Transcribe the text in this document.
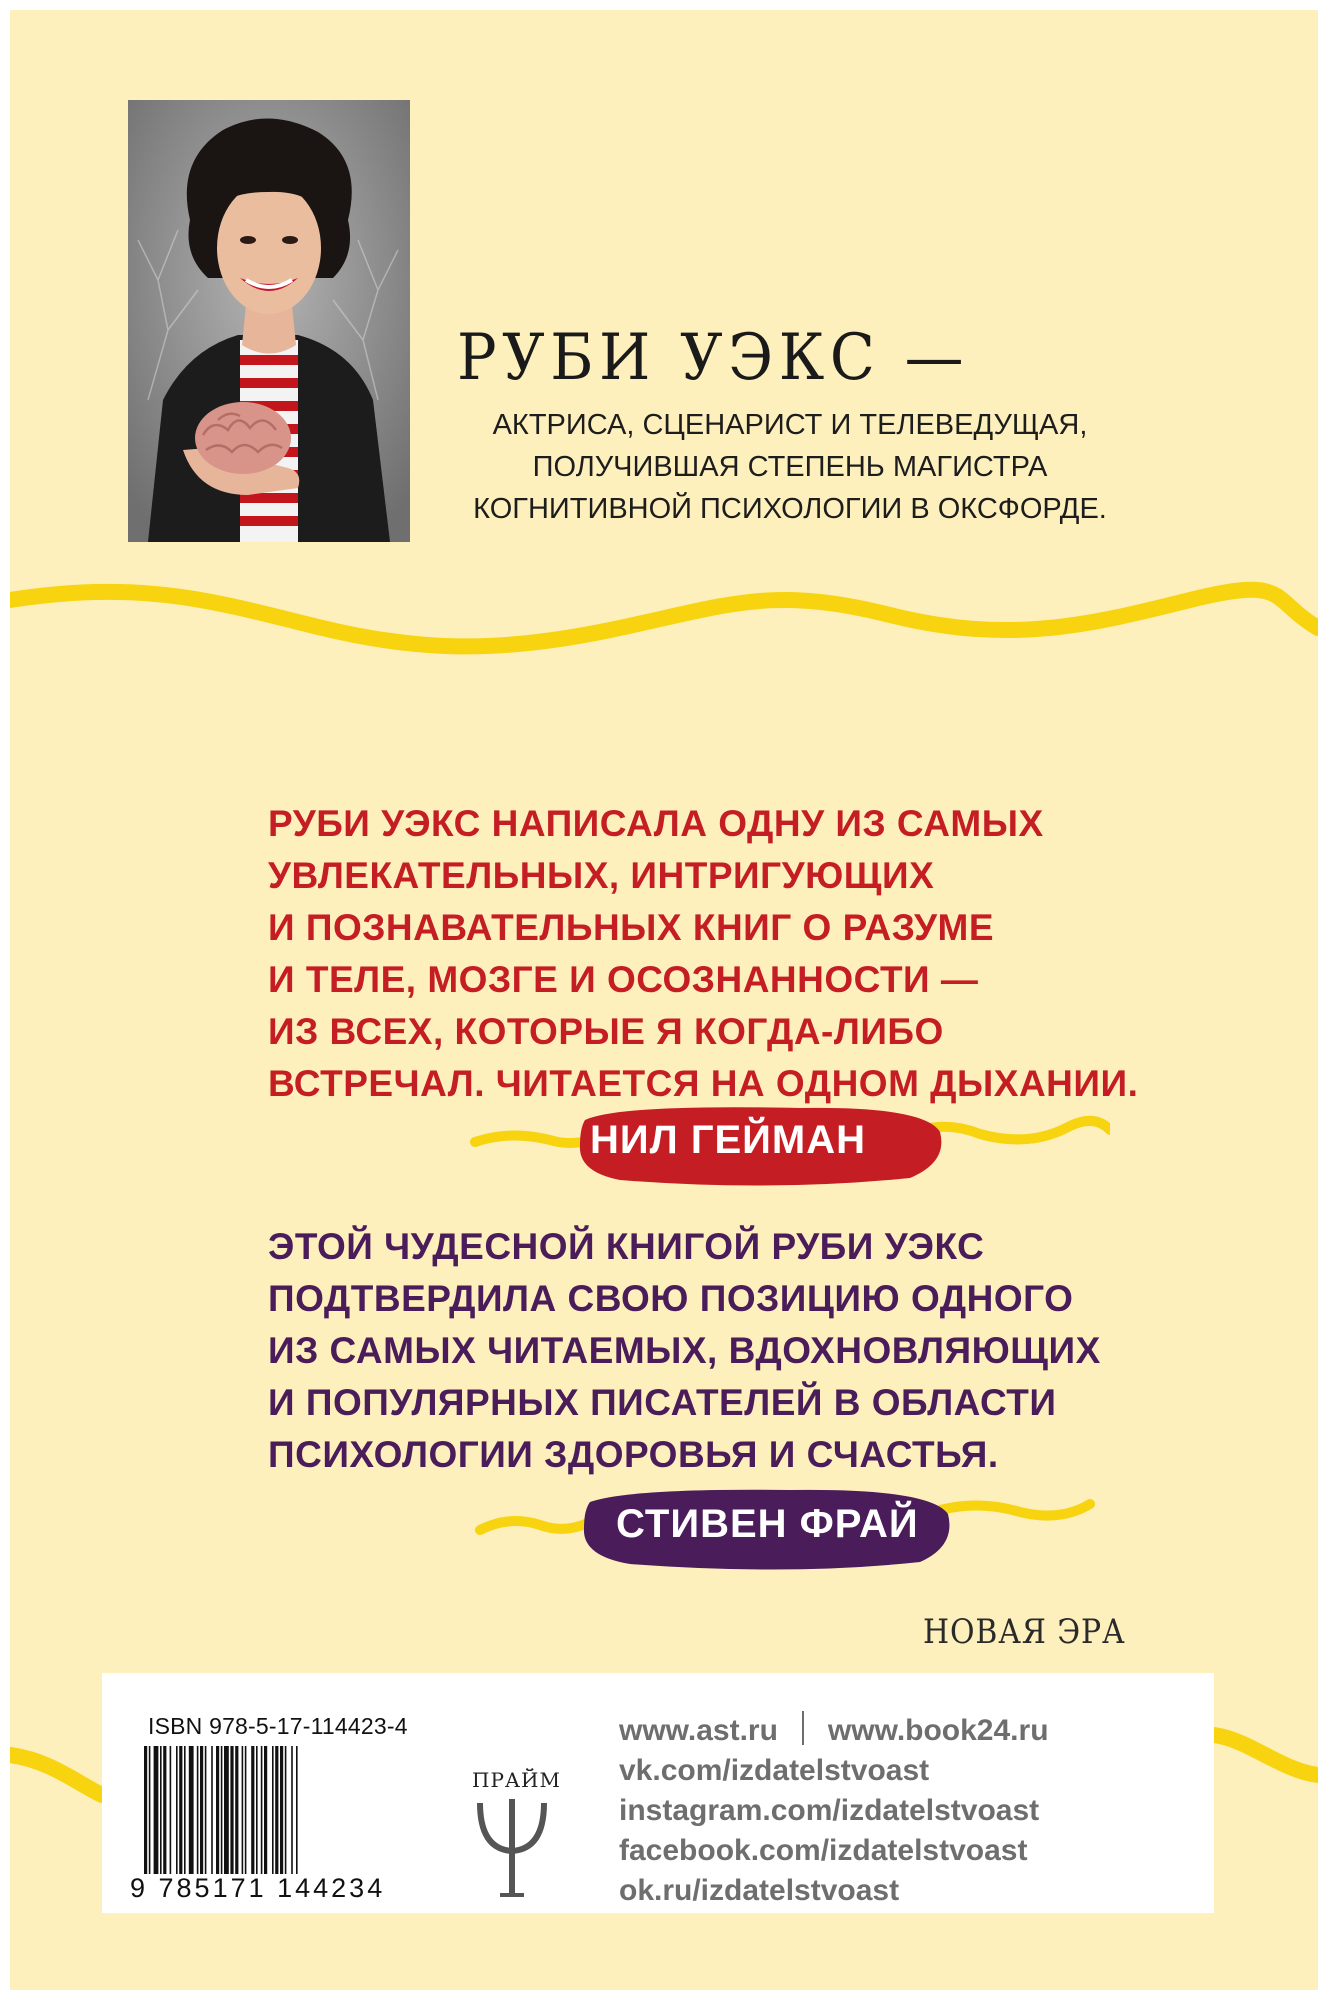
РУБИ УЭКС —

АКТРИСА, СЦЕНАРИСТ И ТЕЛЕВЕДУЩАЯ,
ПОЛУЧИВШАЯ СТЕПЕНЬ МАГИСТРА
КОГНИТИВНОЙ ПСИХОЛОГИИ В ОКСФОРДЕ.

РУБИ УЭКС НАПИСАЛА ОДНУ ИЗ САМЫХ
УВЛЕКАТЕЛЬНЫХ, ИНТРИГУЮЩИХ
И ПОЗНАВАТЕЛЬНЫХ КНИГ О РАЗУМЕ
И ТЕЛЕ, МОЗГЕ И ОСОЗНАННОСТИ —
ИЗ ВСЕХ, КОТОРЫЕ Я КОГДА-ЛИБО
ВСТРЕЧАЛ. ЧИТАЕТСЯ НА ОДНОМ ДЫХАНИИ.

НИЛ ГЕЙМАН

ЭТОЙ ЧУДЕСНОЙ КНИГОЙ РУБИ УЭКС
ПОДТВЕРДИЛА СВОЮ ПОЗИЦИЮ ОДНОГО
ИЗ САМЫХ ЧИТАЕМЫХ, ВДОХНОВЛЯЮЩИХ
И ПОПУЛЯРНЫХ ПИСАТЕЛЕЙ В ОБЛАСТИ
ПСИХОЛОГИИ ЗДОРОВЬЯ И СЧАСТЬЯ.

СТИВЕН ФРАЙ
НОВАЯ ЭРА
ISBN 978-5-17-114423-4
9 785171 144234
ПРАЙМ
www.ast.ru www.book24.ru
vk.com/izdatelstvoast
instagram.com/izdatelstvoast
facebook.com/izdatelstvoast
ok.ru/izdatelstvoast
